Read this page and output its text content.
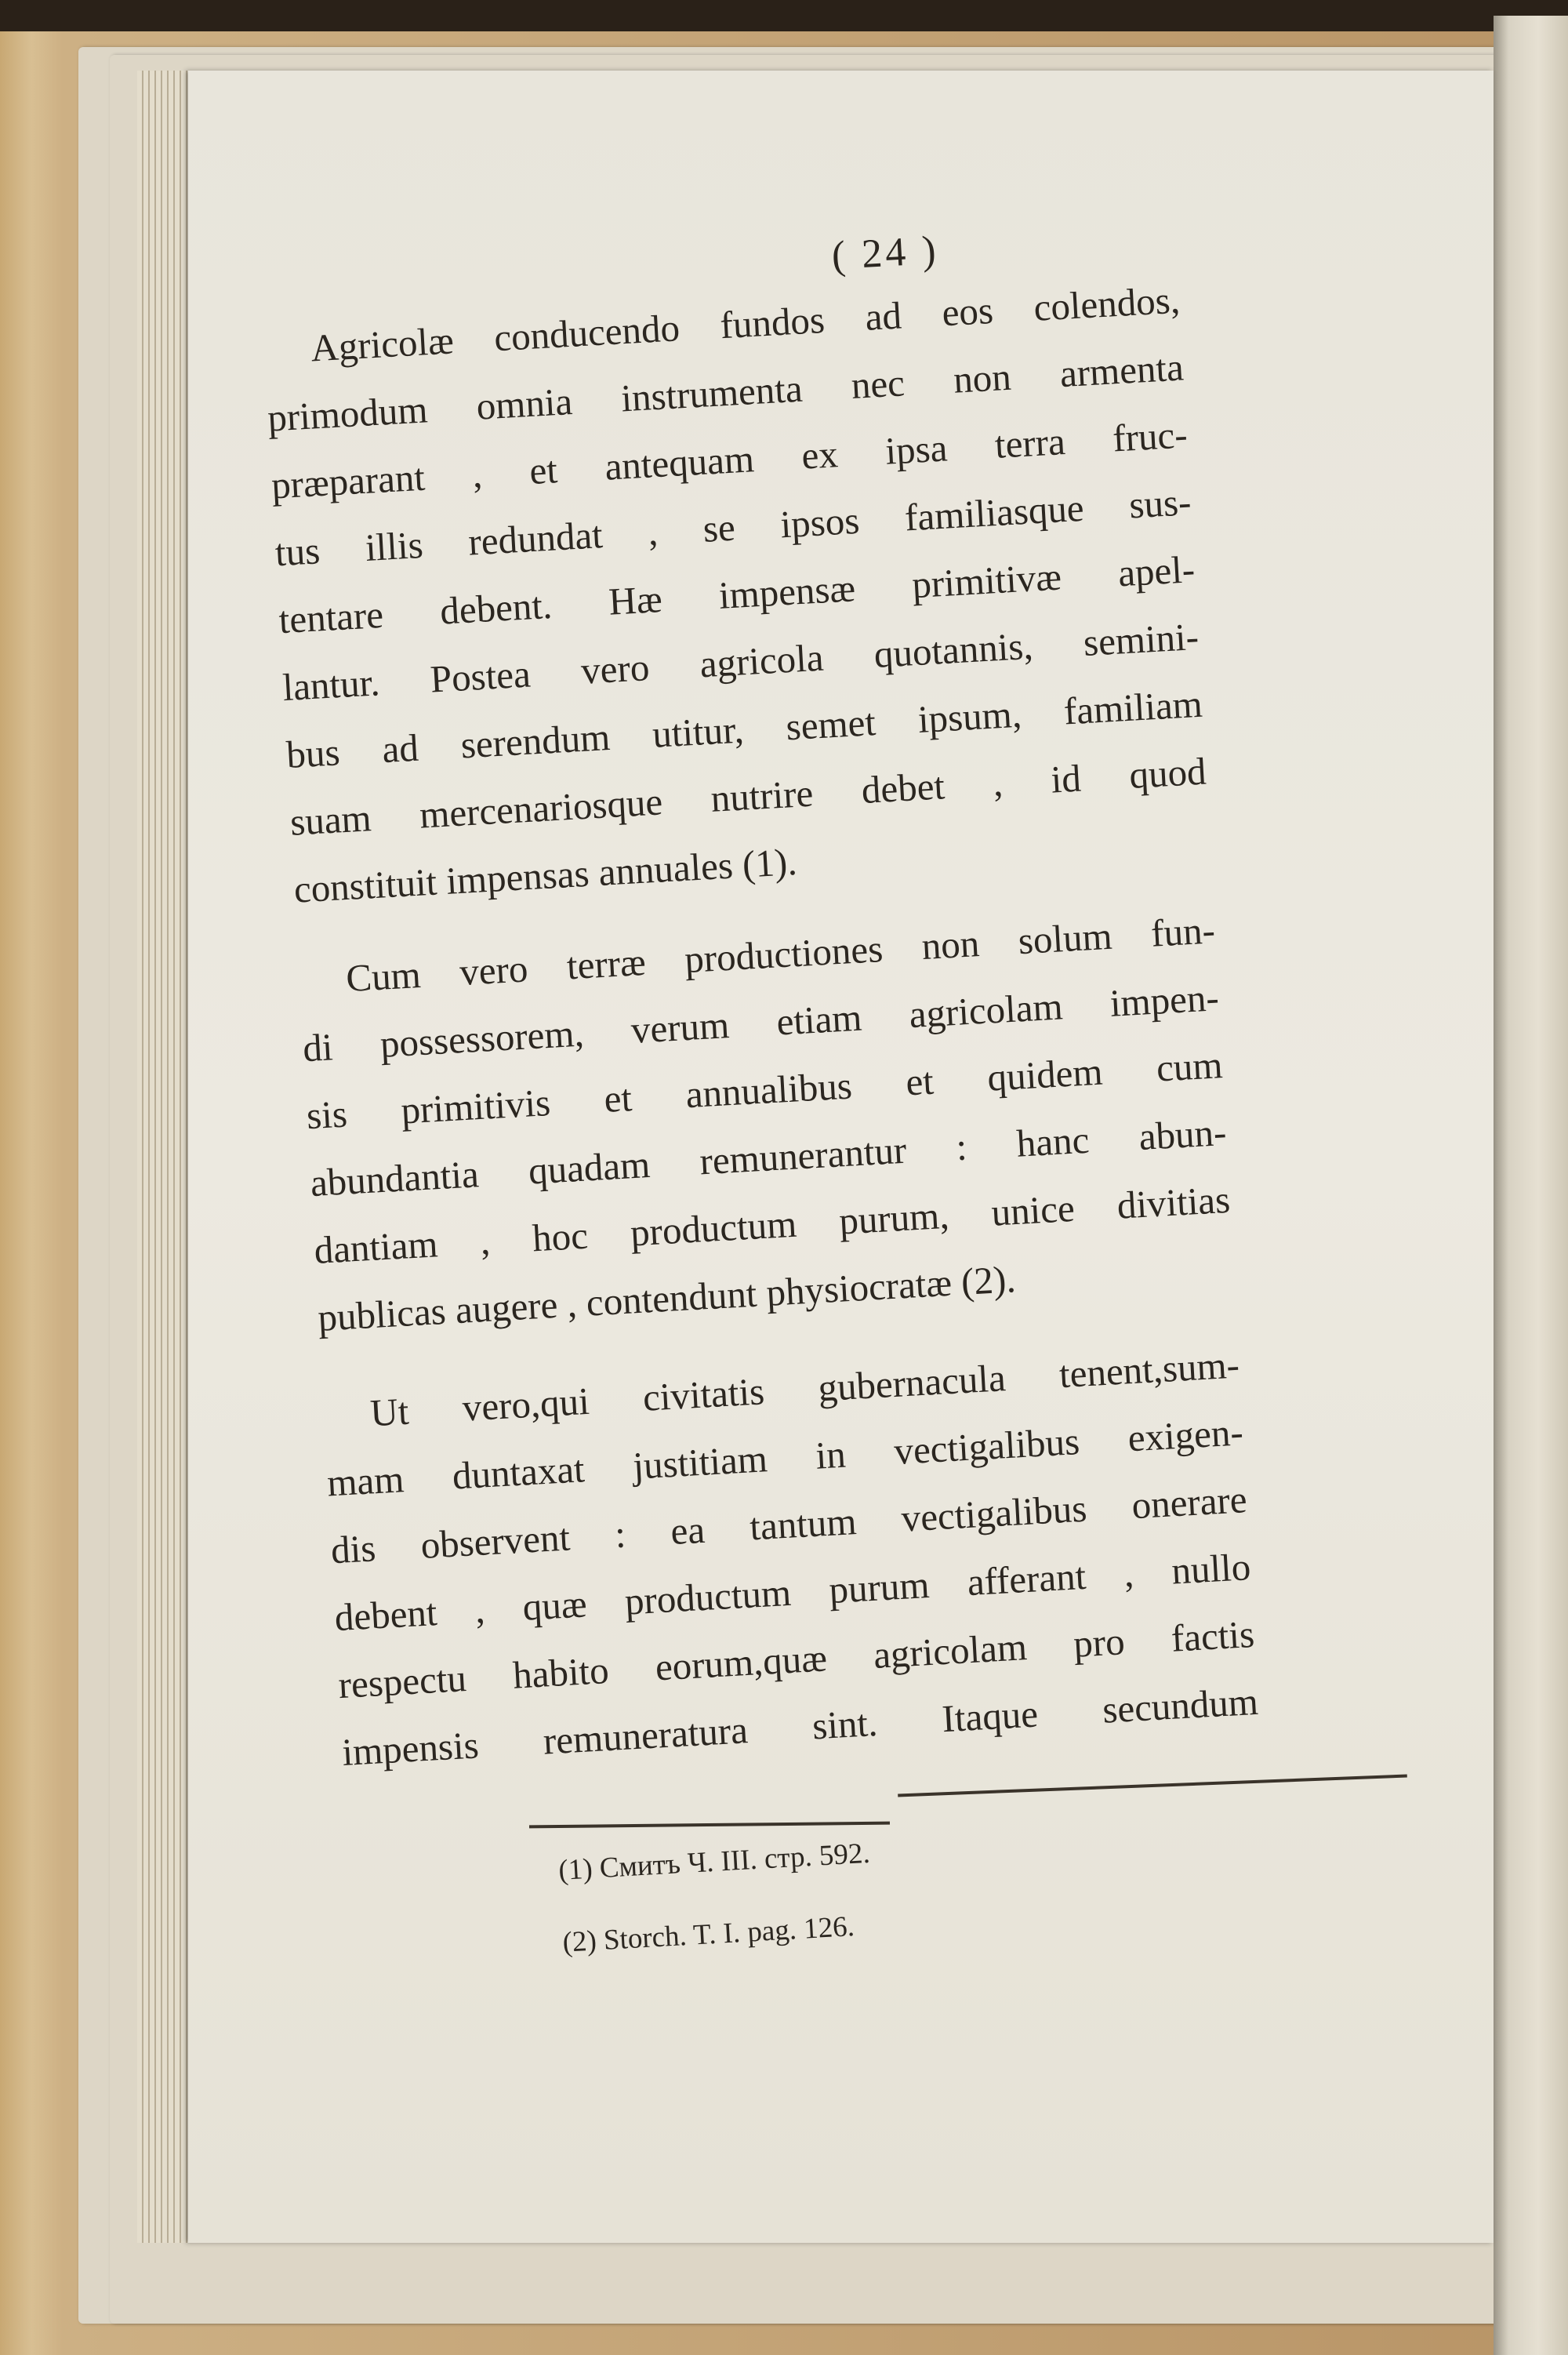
( 24 )
Agricolæ conducendo fundos ad eos colendos,
primodum omnia instrumenta nec non armenta
præparant , et antequam ex ipsa terra fruc-
tus illis redundat , se ipsos familiasque sus-
tentare debent. Hæ impensæ primitivæ apel-
lantur. Postea vero agricola quotannis, semini-
bus ad serendum utitur, semet ipsum, familiam
suam mercenariosque nutrire debet , id quod
constituit impensas annuales (1).
Cum vero terræ productiones non solum fun-
di possessorem, verum etiam agricolam impen-
sis primitivis et annualibus et quidem cum
abundantia quadam remunerantur : hanc abun-
dantiam , hoc productum purum, unice divitias
publicas augere , contendunt physiocratæ (2).
Ut vero,qui civitatis gubernacula tenent,sum-
mam duntaxat justitiam in vectigalibus exigen-
dis observent : ea tantum vectigalibus onerare
debent , quæ productum purum afferant , nullo
respectu habito eorum,quæ agricolam pro factis
impensis remuneratura sint. Itaque secundum
(1) Смитъ Ч. III. стр. 592.
(2) Storch. T. I. pag. 126.
